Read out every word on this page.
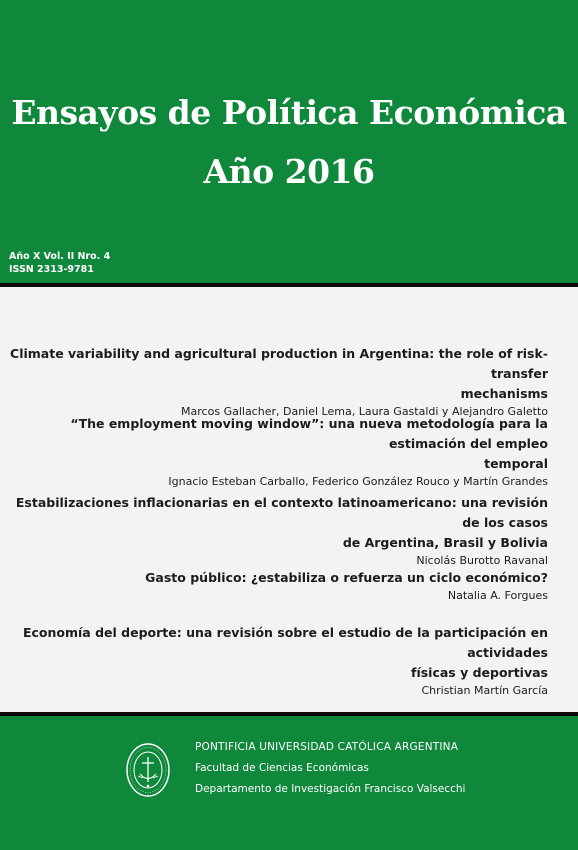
Ensayos de Política Económica
Año 2016
Año X Vol. II Nro. 4
ISSN 2313-9781
Climate variability and agricultural production in Argentina: the role of risk-transfer
mechanisms
Marcos Gallacher, Daniel Lema, Laura Gastaldi y Alejandro Galetto
“The employment moving window”: una nueva metodología para la estimación del empleo
temporal
Ignacio Esteban Carballo, Federico González Rouco y Martín Grandes
Estabilizaciones inflacionarias en el contexto latinoamericano: una revisión de los casos
de Argentina, Brasil y Bolivia
Nicolás Burotto Ravanal
Gasto público: ¿estabiliza o refuerza un ciclo económico?
Natalia A. Forgues
Economía del deporte: una revisión sobre el estudio de la participación en actividades
físicas y deportivas
Christian Martín García
PONTIFICIA UNIVERSIDAD CATÓLICA ARGENTINA
Facultad de Ciencias Económicas
Departamento de Investigación Francisco Valsecchi
